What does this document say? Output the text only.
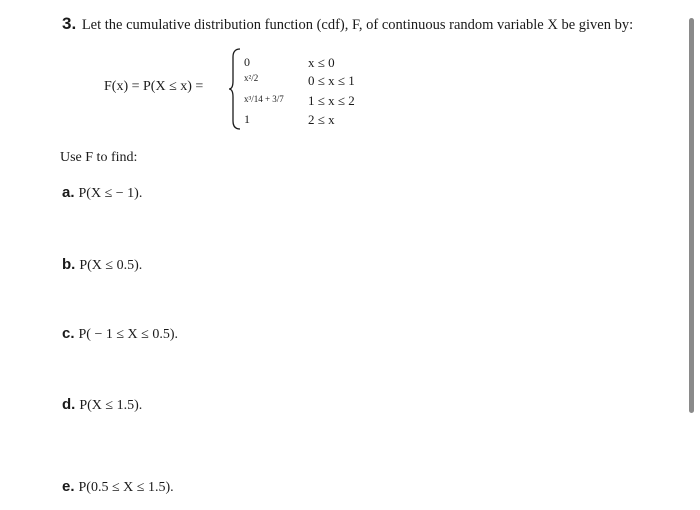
3. Let the cumulative distribution function (cdf), F, of continuous random variable X be given by:
F(x) = P(X ≤ x) =
0
x²/2
x³/14 + 3/7
1
x ≤ 0
0 ≤ x ≤ 1
1 ≤ x ≤ 2
2 ≤ x
Use F to find:
a. P(X ≤ − 1).
b. P(X ≤ 0.5).
c. P( − 1 ≤ X ≤ 0.5).
d. P(X ≤ 1.5).
e. P(0.5 ≤ X ≤ 1.5).
